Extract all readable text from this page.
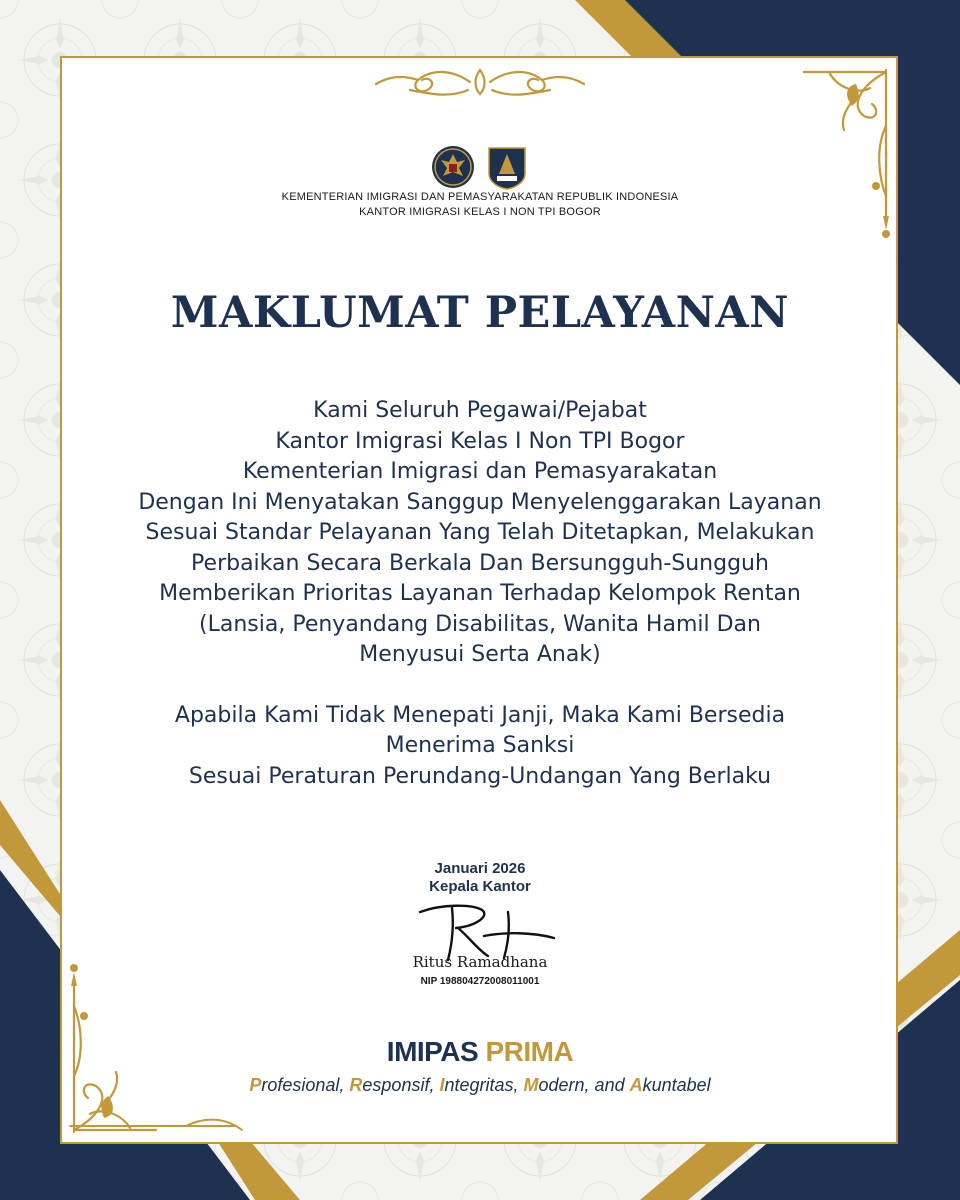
KEMENTERIAN IMIGRASI DAN PEMASYARAKATAN REPUBLIK INDONESIA
KANTOR IMIGRASI KELAS I NON TPI BOGOR
MAKLUMAT PELAYANAN
Kami Seluruh Pegawai/Pejabat
Kantor Imigrasi Kelas I Non TPI Bogor
Kementerian Imigrasi dan Pemasyarakatan
Dengan Ini Menyatakan Sanggup Menyelenggarakan Layanan
Sesuai Standar Pelayanan Yang Telah Ditetapkan, Melakukan
Perbaikan Secara Berkala Dan Bersungguh-Sungguh
Memberikan Prioritas Layanan Terhadap Kelompok Rentan
(Lansia, Penyandang Disabilitas, Wanita Hamil Dan
Menyusui Serta Anak)
Apabila Kami Tidak Menepati Janji, Maka Kami Bersedia
Menerima Sanksi
Sesuai Peraturan Perundang-Undangan Yang Berlaku
Januari 2026
Kepala Kantor
Ritus Ramadhana
NIP 198804272008011001
IMIPAS PRIMA
Profesional, Responsif, Integritas, Modern, and Akuntabel
